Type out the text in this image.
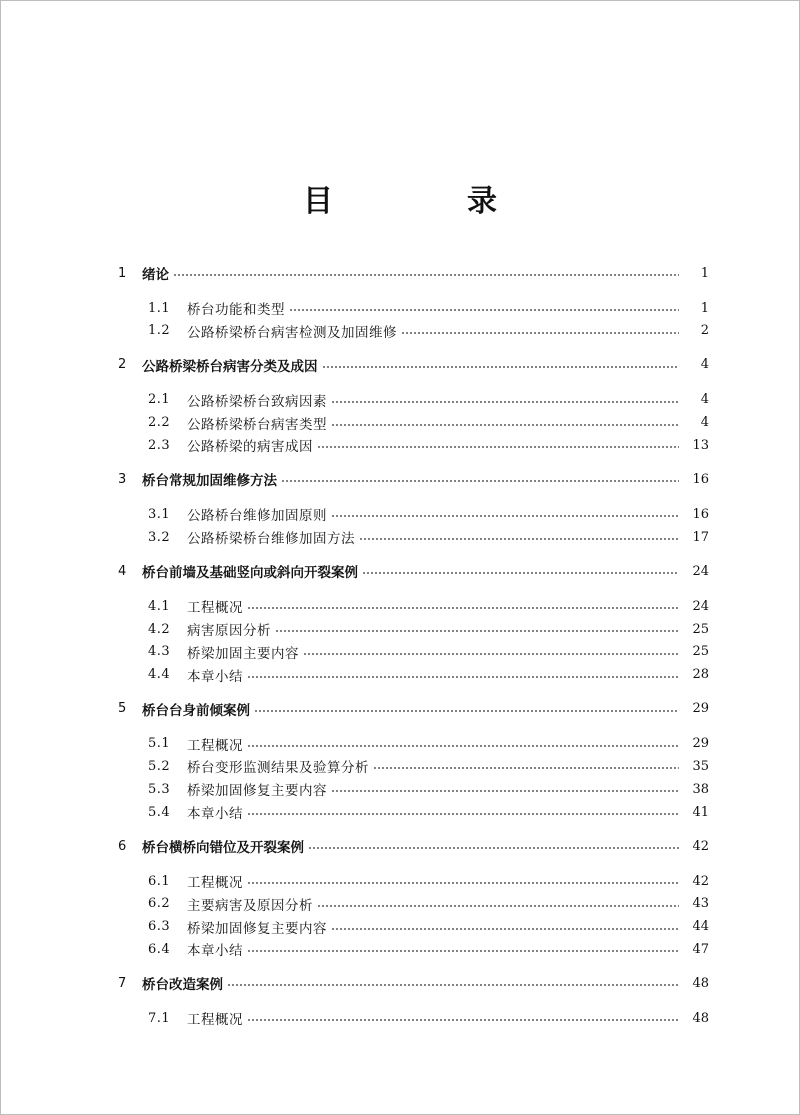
目　录
1	绪论	1
1.1	桥台功能和类型	1
1.2	公路桥梁桥台病害检测及加固维修	2
2	公路桥梁桥台病害分类及成因	4
2.1	公路桥梁桥台致病因素	4
2.2	公路桥梁桥台病害类型	4
2.3	公路桥梁的病害成因	13
3	桥台常规加固维修方法	16
3.1	公路桥台维修加固原则	16
3.2	公路桥梁桥台维修加固方法	17
4	桥台前墙及基础竖向或斜向开裂案例	24
4.1	工程概况	24
4.2	病害原因分析	25
4.3	桥梁加固主要内容	25
4.4	本章小结	28
5	桥台台身前倾案例	29
5.1	工程概况	29
5.2	桥台变形监测结果及验算分析	35
5.3	桥梁加固修复主要内容	38
5.4	本章小结	41
6	桥台横桥向错位及开裂案例	42
6.1	工程概况	42
6.2	主要病害及原因分析	43
6.3	桥梁加固修复主要内容	44
6.4	本章小结	47
7	桥台改造案例	48
7.1	工程概况	48
